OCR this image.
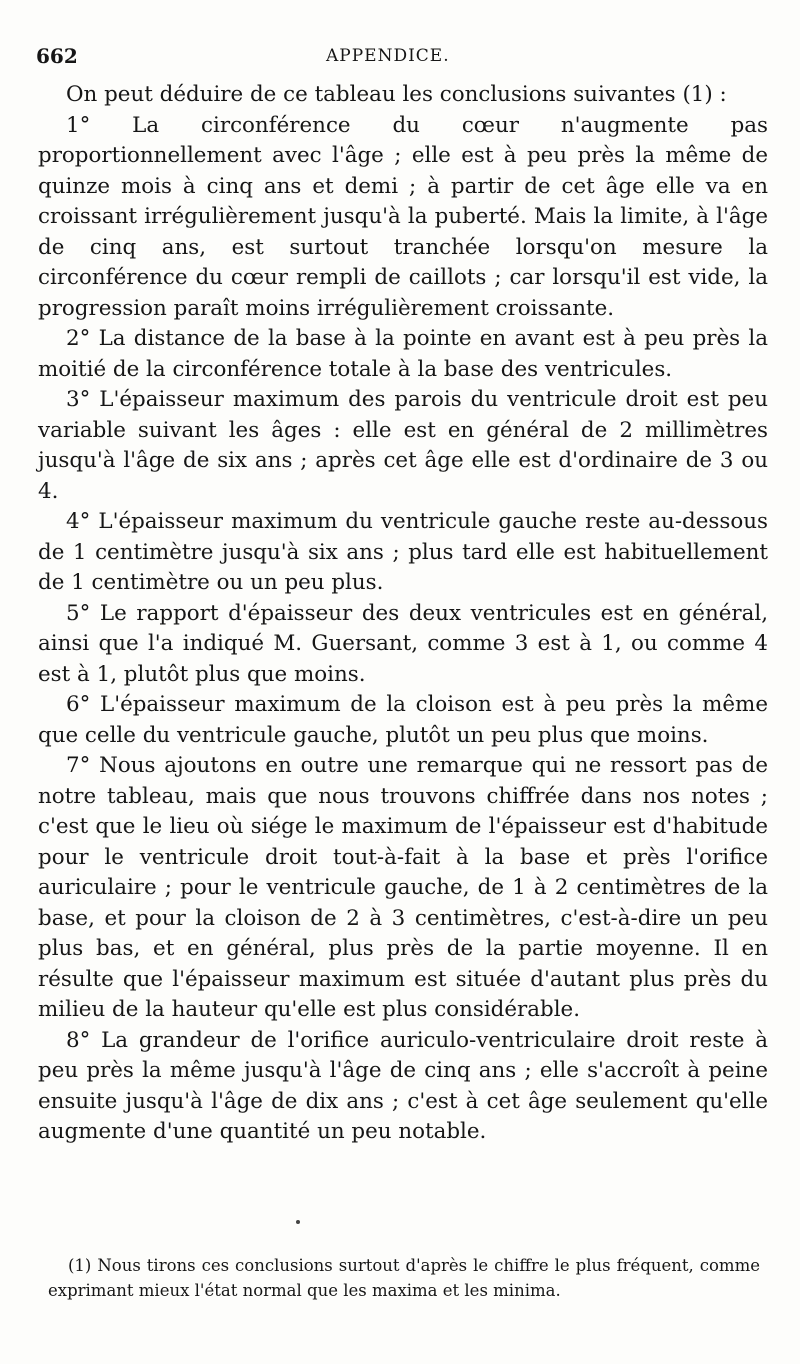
662	APPENDICE.

On peut déduire de ce tableau les conclusions suivantes (1) :

1° La circonférence du cœur n'augmente pas proportionnellement avec l'âge ; elle est à peu près la même de quinze mois à cinq ans et demi ; à partir de cet âge elle va en croissant irrégulièrement jusqu'à la puberté. Mais la limite, à l'âge de cinq ans, est surtout tranchée lorsqu'on mesure la circonférence du cœur rempli de caillots ; car lorsqu'il est vide, la progression paraît moins irrégulièrement croissante.

2° La distance de la base à la pointe en avant est à peu près la moitié de la circonférence totale à la base des ventricules.

3° L'épaisseur maximum des parois du ventricule droit est peu variable suivant les âges : elle est en général de 2 millimètres jusqu'à l'âge de six ans ; après cet âge elle est d'ordinaire de 3 ou 4.

4° L'épaisseur maximum du ventricule gauche reste au-dessous de 1 centimètre jusqu'à six ans ; plus tard elle est habituellement de 1 centimètre ou un peu plus.

5° Le rapport d'épaisseur des deux ventricules est en général, ainsi que l'a indiqué M. Guersant, comme 3 est à 1, ou comme 4 est à 1, plutôt plus que moins.

6° L'épaisseur maximum de la cloison est à peu près la même que celle du ventricule gauche, plutôt un peu plus que moins.

7° Nous ajoutons en outre une remarque qui ne ressort pas de notre tableau, mais que nous trouvons chiffrée dans nos notes ; c'est que le lieu où siége le maximum de l'épaisseur est d'habitude pour le ventricule droit tout-à-fait à la base et près l'orifice auriculaire ; pour le ventricule gauche, de 1 à 2 centimètres de la base, et pour la cloison de 2 à 3 centimètres, c'est-à-dire un peu plus bas, et en général, plus près de la partie moyenne. Il en résulte que l'épaisseur maximum est située d'autant plus près du milieu de la hauteur qu'elle est plus considérable.

8° La grandeur de l'orifice auriculo-ventriculaire droit reste à peu près la même jusqu'à l'âge de cinq ans ; elle s'accroît à peine ensuite jusqu'à l'âge de dix ans ; c'est à cet âge seulement qu'elle augmente d'une quantité un peu notable.

(1) Nous tirons ces conclusions surtout d'après le chiffre le plus fréquent, comme exprimant mieux l'état normal que les maxima et les minima.
